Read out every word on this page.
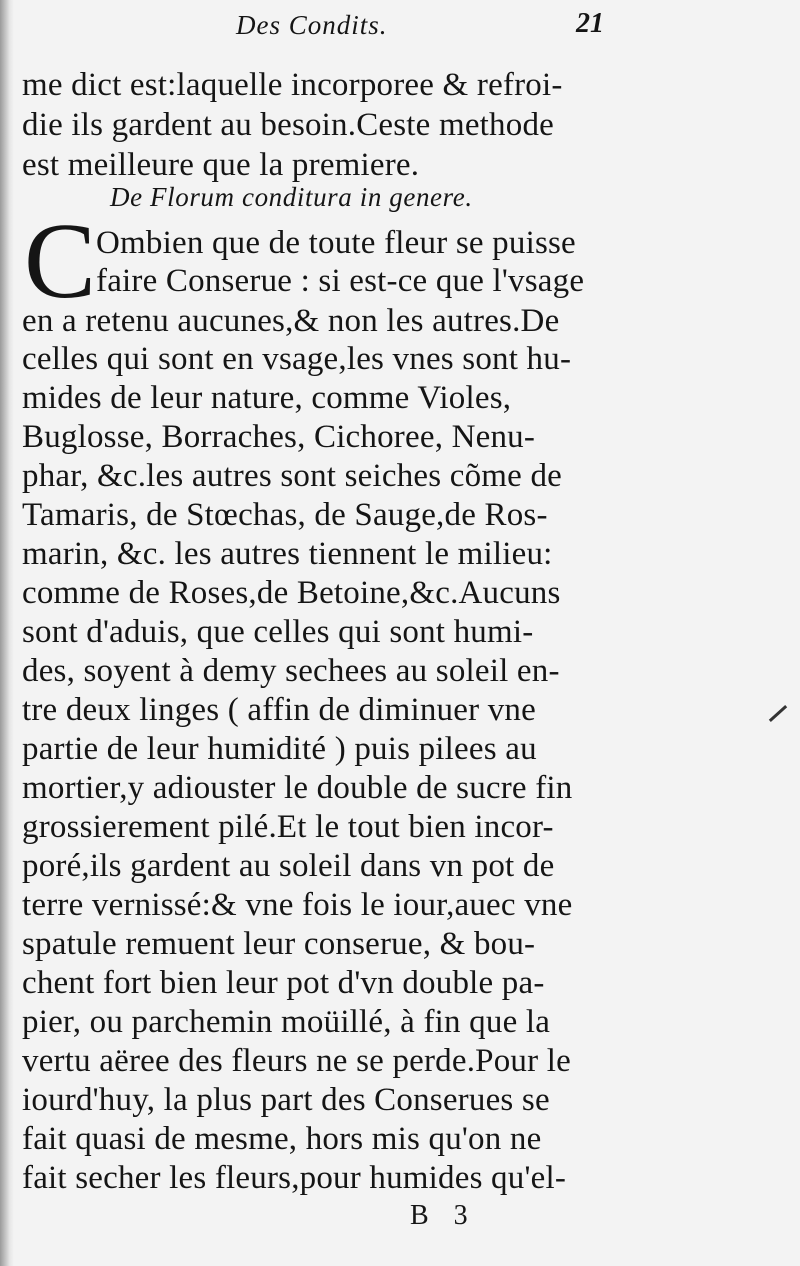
Des Condits.	21
me dict est:laquelle incorporee & refroi-
die ils gardent au besoin.Ceste methode
est meilleure que la premiere.
De Florum conditura in genere.
C Ombien que de toute fleur se puisse
faire Conserue : si est-ce que l'vsage
en a retenu aucunes,& non les autres.De
celles qui sont en vsage,les vnes sont hu-
mides de leur nature, comme Violes,
Buglosse, Borraches, Cichoree, Nenu-
phar, &c.les autres sont seiches cõme de
Tamaris, de Stœchas, de Sauge,de Ros-
marin, &c. les autres tiennent le milieu:
comme de Roses,de Betoine,&c.Aucuns
sont d'aduis, que celles qui sont humi-
des, soyent à demy sechees au soleil en-
tre deux linges ( affin de diminuer vne
partie de leur humidité ) puis pilees au
mortier,y adiouster le double de sucre fin
grossierement pilé.Et le tout bien incor-
poré,ils gardent au soleil dans vn pot de
terre vernissé:& vne fois le iour,auec vne
spatule remuent leur conserue, & bou-
chent fort bien leur pot d'vn double pa-
pier, ou parchemin moüillé, à fin que la
vertu aëree des fleurs ne se perde.Pour le
iourd'huy, la plus part des Conserues se
fait quasi de mesme, hors mis qu'on ne
fait secher les fleurs,pour humides qu'el-
B   3
